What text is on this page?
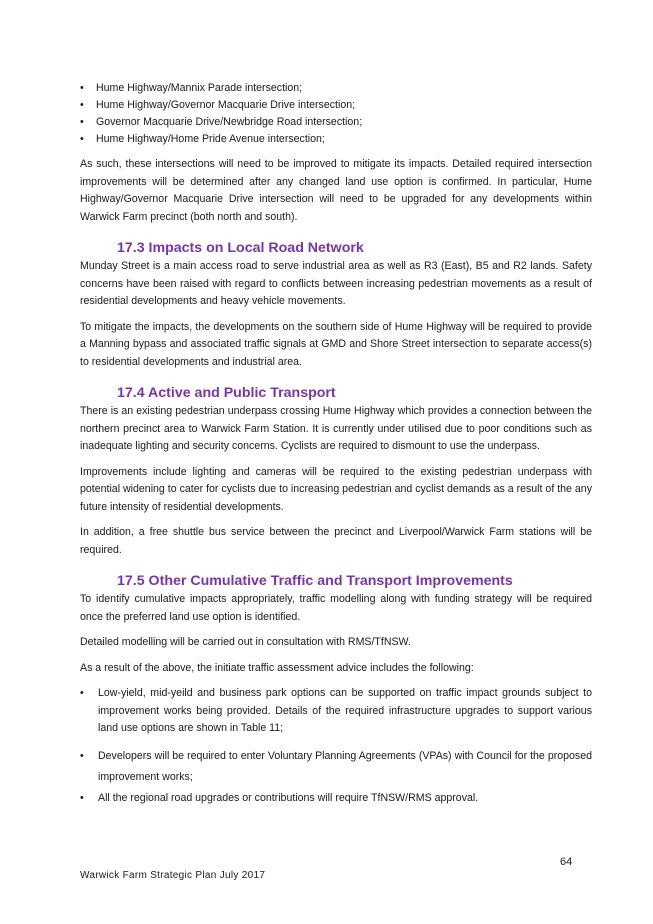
• Hume Highway/Mannix Parade intersection;
• Hume Highway/Governor Macquarie Drive intersection;
• Governor Macquarie Drive/Newbridge Road intersection;
• Hume Highway/Home Pride Avenue intersection;

As such, these intersections will need to be improved to mitigate its impacts. Detailed required intersection improvements will be determined after any changed land use option is confirmed. In particular, Hume Highway/Governor Macquarie Drive intersection will need to be upgraded for any developments within Warwick Farm precinct (both north and south).

17.3 Impacts on Local Road Network

Munday Street is a main access road to serve industrial area as well as R3 (East), B5 and R2 lands. Safety concerns have been raised with regard to conflicts between increasing pedestrian movements as a result of residential developments and heavy vehicle movements.

To mitigate the impacts, the developments on the southern side of Hume Highway will be required to provide a Manning bypass and associated traffic signals at GMD and Shore Street intersection to separate access(s) to residential developments and industrial area.

17.4 Active and Public Transport

There is an existing pedestrian underpass crossing Hume Highway which provides a connection between the northern precinct area to Warwick Farm Station. It is currently under utilised due to poor conditions such as inadequate lighting and security concerns. Cyclists are required to dismount to use the underpass.

Improvements include lighting and cameras will be required to the existing pedestrian underpass with potential widening to cater for cyclists due to increasing pedestrian and cyclist demands as a result of the any future intensity of residential developments.

In addition, a free shuttle bus service between the precinct and Liverpool/Warwick Farm stations will be required.

17.5 Other Cumulative Traffic and Transport Improvements

To identify cumulative impacts appropriately, traffic modelling along with funding strategy will be required once the preferred land use option is identified.

Detailed modelling will be carried out in consultation with RMS/TfNSW.

As a result of the above, the initiate traffic assessment advice includes the following:

• Low-yield, mid-yeild and business park options can be supported on traffic impact grounds subject to improvement works being provided. Details of the required infrastructure upgrades to support various land use options are shown in Table 11;
• Developers will be required to enter Voluntary Planning Agreements (VPAs) with Council for the proposed improvement works;
• All the regional road upgrades or contributions will require TfNSW/RMS approval.
64
Warwick Farm Strategic Plan July 2017
